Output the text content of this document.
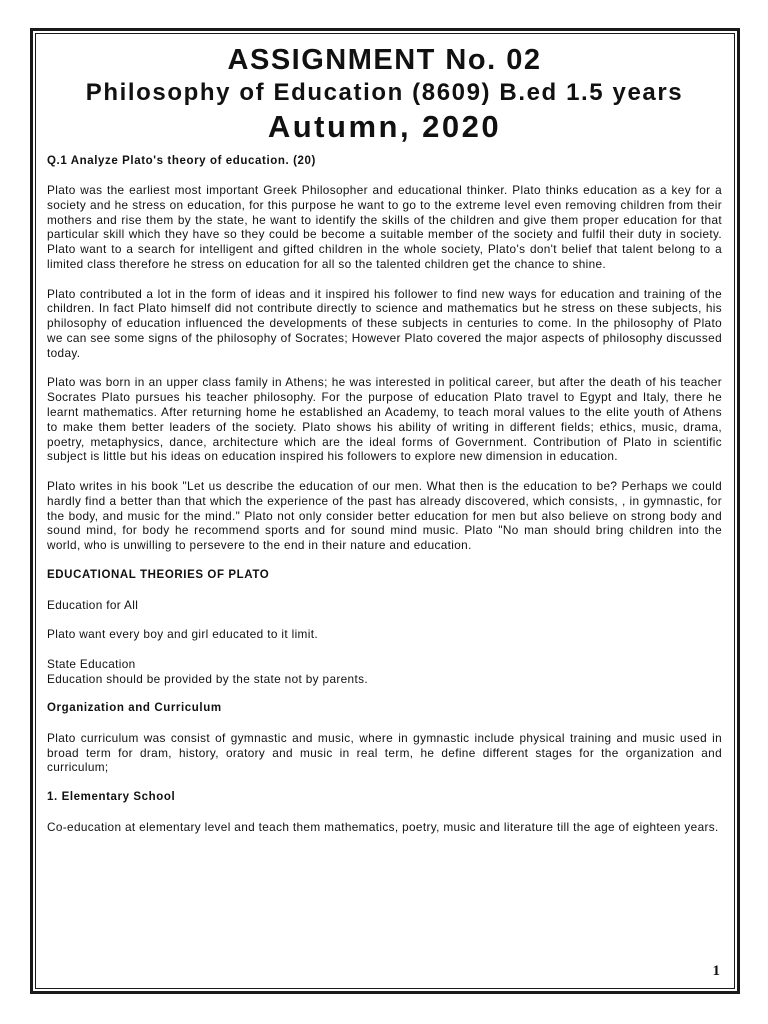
ASSIGNMENT No. 02
Philosophy of Education (8609) B.ed 1.5 years
Autumn, 2020
Q.1 Analyze Plato's theory of education. (20)

Plato was the earliest most important Greek Philosopher and educational thinker. Plato thinks education as a key for a society and he stress on education, for this purpose he want to go to the extreme level even removing children from their mothers and rise them by the state, he want to identify the skills of the children and give them proper education for that particular skill which they have so they could be become a suitable member of the society and fulfil their duty in society. Plato want to a search for intelligent and gifted children in the whole society, Plato's don't belief that talent belong to a limited class therefore he stress on education for all so the talented children get the chance to shine.

Plato contributed a lot in the form of ideas and it inspired his follower to find new ways for education and training of the children. In fact Plato himself did not contribute directly to science and mathematics but he stress on these subjects, his philosophy of education influenced the developments of these subjects in centuries to come. In the philosophy of Plato we can see some signs of the philosophy of Socrates; However Plato covered the major aspects of philosophy discussed today.

Plato was born in an upper class family in Athens; he was interested in political career, but after the death of his teacher Socrates Plato pursues his teacher philosophy. For the purpose of education Plato travel to Egypt and Italy, there he learnt mathematics. After returning home he established an Academy, to teach moral values to the elite youth of Athens to make them better leaders of the society. Plato shows his ability of writing in different fields; ethics, music, drama, poetry, metaphysics, dance, architecture which are the ideal forms of Government. Contribution of Plato in scientific subject is little but his ideas on education inspired his followers to explore new dimension in education.

Plato writes in his book "Let us describe the education of our men. What then is the education to be? Perhaps we could hardly find a better than that which the experience of the past has already discovered, which consists, , in gymnastic, for the body, and music for the mind." Plato not only consider better education for men but also believe on strong body and sound mind, for body he recommend sports and for sound mind music. Plato "No man should bring children into the world, who is unwilling to persevere to the end in their nature and education.

EDUCATIONAL THEORIES OF PLATO

Education for All

Plato want every boy and girl educated to it limit.

State Education

Education should be provided by the state not by parents.

Organization and Curriculum

Plato curriculum was consist of gymnastic and music, where in gymnastic include physical training and music used in broad term for dram, history, oratory and music in real term, he define different stages for the organization and curriculum;

1. Elementary School

Co-education at elementary level and teach them mathematics, poetry, music and literature till the age of eighteen years.

1
